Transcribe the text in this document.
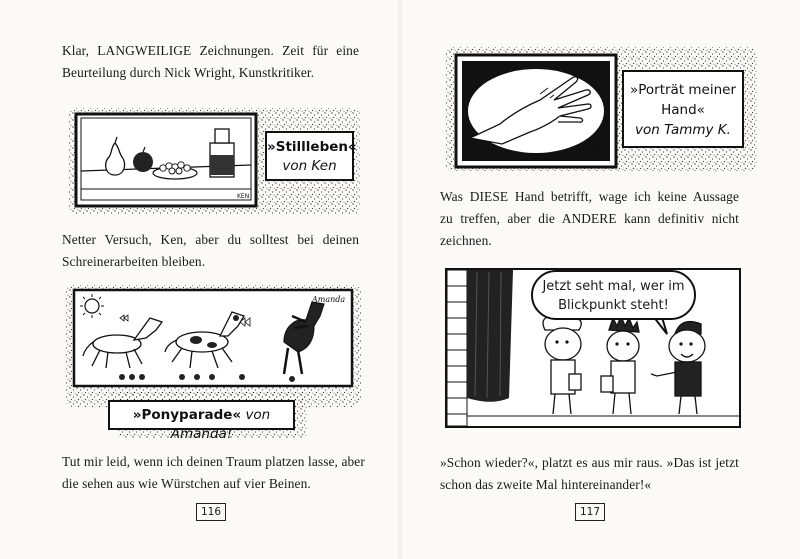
Klar, LANGWEILIGE Zeichnungen. Zeit für eine
Beurteilung durch Nick Wright, Kunstkritiker.

KEN
»Stillleben«
von Ken

Netter Versuch, Ken, aber du solltest bei deinen
Schreinerarbeiten bleiben.

Amanda
»Ponyparade« von Amanda!

Tut mir leid, wenn ich deinen Traum platzen lasse, aber
die sehen aus wie Würstchen auf vier Beinen.

116
T.K.
»Porträt meiner
Hand«
von Tammy K.

Was DIESE Hand betrifft, wage ich keine Aussage
zu treffen, aber die ANDERE kann definitiv nicht
zeichnen.

Jetzt seht mal, wer im
Blickpunkt steht!

»Schon wieder?«, platzt es aus mir raus. »Das ist jetzt
schon das zweite Mal hintereinander!«

117
